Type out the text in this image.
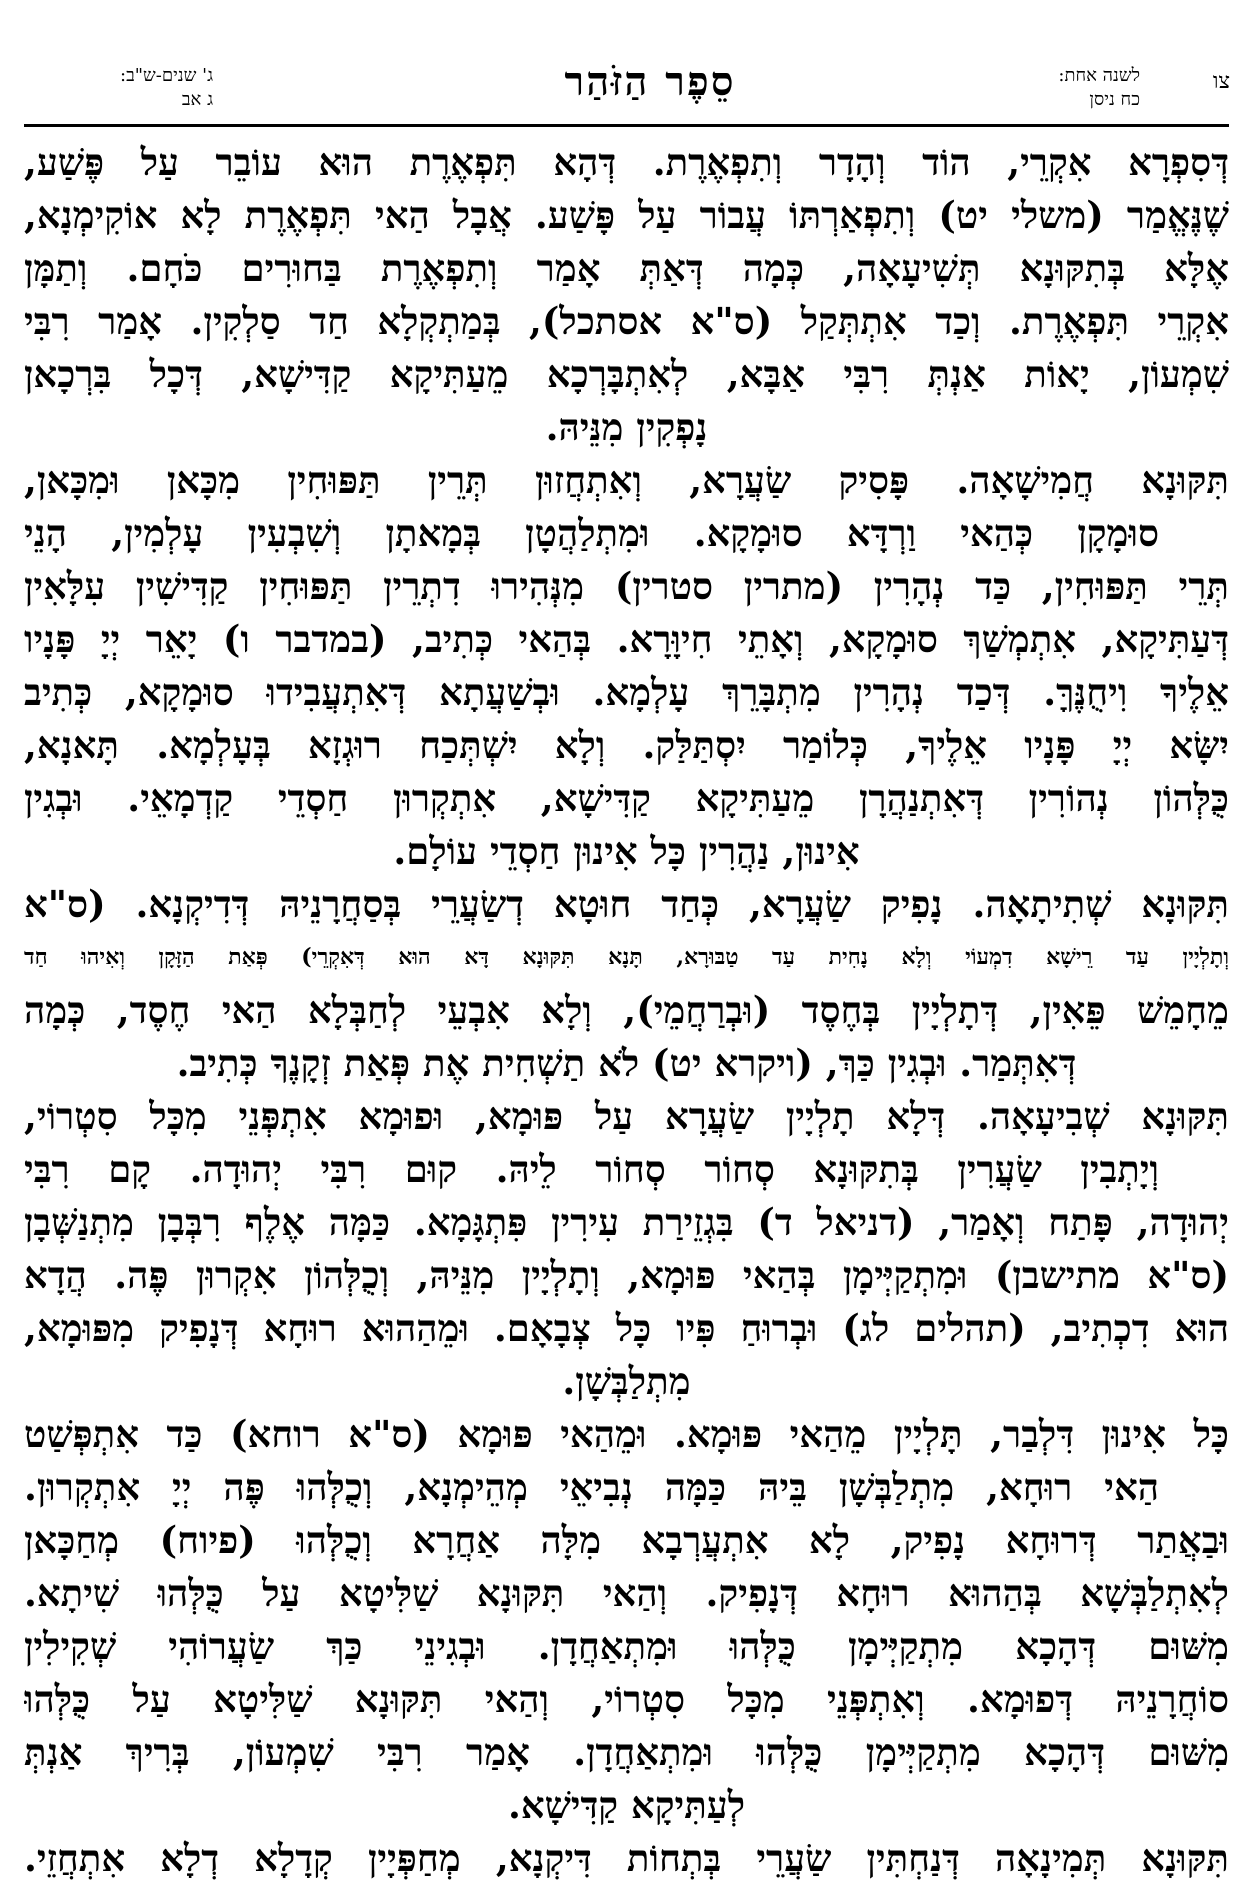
צו
לשנה אחת:
כח ניסן
סֵפֶר הַזֹּהַר
ג' שנים-ש"ב:
ג אב
דְּסִפְרָא אִקְרֵי, הוֹד וְהָדָר וְתִפְאֶרֶת. דְּהָא תִּפְאֶרֶת הוּא עוֹבֵר עַל פֶּשַׁע,
שֶׁנֶּאֱמַר (משלי יט) וְתִפְאַרְתּוֹ עֲבוֹר עַל פָּשַׁע. אֲבָל הַאי תִּפְאֶרֶת לָא אוֹקִימְנָא,
אֶלָּא בְּתִקּוּנָא תְּשִׁיעָאָה, כְּמָה דְּאַתְּ אָמַר וְתִפְאֶרֶת בַּחוּרִים כֹּחָם. וְתַמָּן
אִקְרֵי תִּפְאֶרֶת. וְכַד אִתְתְּקַל (ס"א אסתכל), בְּמַתְקְלָא חַד סַלְקִין. אָמַר רִבִּי
שִׁמְעוֹן, יָאוֹת אַנְתְּ רִבִּי אַבָּא, לְאִתְבָּרְכָא מֵעַתִּיקָא קַדִּישָׁא, דְּכָל בִּרְכָאן
נָפְקִין מִנֵּיהּ.
תִּקּוּנָא חֲמִישָׁאָה. פָּסִיק שַׂעֲרָא, וְאִתְחֲזוּן תְּרֵין תַּפּוּחִין מִכָּאן וּמִכָּאן,
סוּמָקָן כְּהַאי וַרְדָּא סוּמָקָא. וּמִתְלַהֲטָן בְּמָאתָן וְשִׁבְעִין עָלְמִין, הָנֵי
תְּרֵי תַּפּוּחִין, כַּד נְהָרִין (מתרין סטרין) מִנְּהִירוּ דִתְרֵין תַּפּוּחִין קַדִּישִׁין עִלָּאִין
דְּעַתִּיקָא, אִתְמְשַׁךְ סוּמָקָא, וְאָתֵי חִיוָּרָא. בְּהַאי כְּתִיב, (במדבר ו) יָאֵר יְיָ פָּנָיו
אֵלֶיךָ וִיחֻנֶּךָּ. דְּכַד נְהָרִין מִתְבָּרֵךְ עָלְמָא. וּבְשַׁעֲתָא דְּאִתְעֲבִידוּ סוּמָקָא, כְּתִיב
יִשָּׂא יְיָ פָּנָיו אֵלֶיךָ, כְּלוֹמַר יִסְתַּלַּק. וְלָא יִשְׁתְּכַח רוּגְזָא בְּעָלְמָא. תָּאנָא,
כֻּלְּהוֹן נְהוֹרִין דְּאִתְנַהֲרָן מֵעַתִּיקָא קַדִּישָׁא, אִתְקְרוּן חַסְדֵי קַדְמָאֵי. וּבְגִין
אִינוּן, נַהֲרִין כָּל אִינוּן חַסְדֵי עוֹלָם.
תִּקּוּנָא שְׁתִיתָאָה. נָפִיק שַׂעֲרָא, כְּחַד חוּטָא דְשַׂעֲרֵי בְּסַחֲרָנֵיהּ דְּדִיקְנָא. (ס"א
וְתָלְיָין עַד רֵישָׁא דִמְעוֹי וְלָא נָחִית עַד טַבּוּרָא, תָּנָא תִּקּוּנָא דָּא הוּא דְּאִקְרֵי) פְּאַת הַזָּקָן וְאִיהוּ חַד
מֵחָמֵשׁ פֵּאִין, דְּתָלְיָין בְּחֶסֶד (וּבְרַחֲמֵי), וְלָא אִבְעֵי לְחַבְּלָא הַאי חֶסֶד, כְּמָה
דְּאִתְּמַר. וּבְגִין כַּךְ, (ויקרא יט) לֹא תַשְׁחִית אֶת פְּאַת זְקָנֶךָ כְּתִיב.
תִּקּוּנָא שְׁבִיעָאָה. דְּלָא תָלְיָין שַׂעֲרָא עַל פּוּמָא, וּפוּמָא אִתְפְּנֵי מִכָּל סִטְרוֹי,
וְיָתְבִין שַׂעֲרִין בְּתִקּוּנָא סְחוֹר סְחוֹר לֵיהּ. קוּם רִבִּי יְהוּדָה. קָם רִבִּי
יְהוּדָה, פָּתַח וְאָמַר, (דניאל ד) בִּגְזֵירַת עִירִין פִּתְגָּמָא. כַּמָּה אֶלֶף רִבְּבָן מִתְנַשְּׁבָן
(ס"א מתישבן) וּמִתְקַיְּימָן בְּהַאי פּוּמָא, וְתָלְיָין מִנֵּיהּ, וְכֻלְּהוֹן אִקְרוּן פֶּה. הֲדָא
הוּא דִכְתִיב, (תהלים לג) וּבְרוּחַ פִּיו כָּל צְבָאָם. וּמֵהַהוּא רוּחָא דְּנָפִיק מִפּוּמָא,
מִתְלַבְּשָׁן.
כָּל אִינוּן דִּלְבַר, תָּלְיָין מֵהַאי פּוּמָא. וּמֵהַאי פּוּמָא (ס"א רוחא) כַּד אִתְפְּשַׁט
הַאי רוּחָא, מִתְלַבְּשָׁן בֵּיהּ כַּמָּה נְבִיאֵי מְהֵימְנָא, וְכֻלְּהוּ פֶּה יְיָ אִתְקְרוּן.
וּבַאֲתַר דְּרוּחָא נָפִיק, לָא אִתְעֲרְבָא מִלָּה אַחֲרָא וְכֻלְּהוּ (פיוח) מְחַכָּאן
לְאִתְלַבְּשָׁא בְּהַהוּא רוּחָא דְּנָפִיק. וְהַאי תִּקּוּנָא שַׁלִּיטָא עַל כֻּלְּהוּ שִׁיתָא.
מִשּׁוּם דְּהָכָא מִתְקַיְּימָן כֻּלְּהוּ וּמִתְאַחֲדָן. וּבְגִינֵי כַּךְ שַׂעֲרוֹהִי שְׁקִילִין
סוֹחֲרָנֵיהּ דְּפוּמָא. וְאִתְפְּנֵי מִכָּל סִטְרוֹי, וְהַאי תִּקּוּנָא שַׁלִּיטָא עַל כֻּלְּהוּ
מִשּׁוּם דְּהָכָא מִתְקַיְּימָן כֻּלְּהוּ וּמִתְאַחֲדָן. אָמַר רִבִּי שִׁמְעוֹן, בְּרִיךְ אַנְתְּ
לְעַתִּיקָא קַדִּישָׁא.
תִּקּוּנָא תְּמִינָאָה דְּנַחְתִּין שַׂעֲרֵי בְּתְחוֹת דִּיקְנָא, מְחַפְּיָין קְדָלָא דְלָא אִתְחֲזֵי.
